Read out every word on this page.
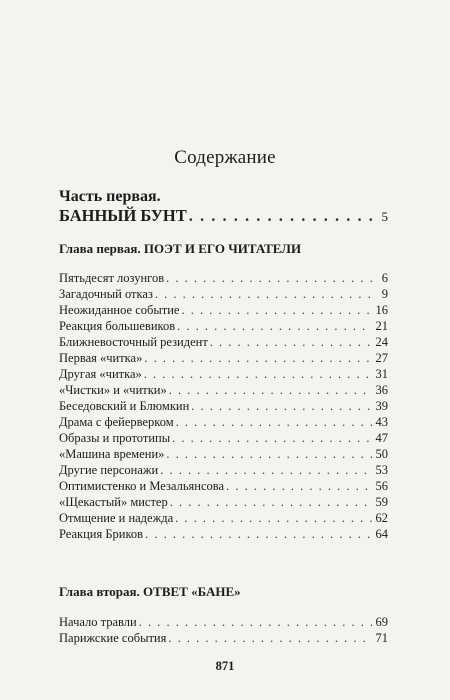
Содержание
Часть первая.
БАННЫЙ БУНТ . . .	5
Глава первая. ПОЭТ И ЕГО ЧИТАТЕЛИ
Пятьдесят лозунгов . . .	6
Загадочный отказ . . .	9
Неожиданное событие . . .	16
Реакция большевиков . . .	21
Ближневосточный резидент . . .	24
Первая «читка» . . .	27
Другая «читка» . . .	31
«Чистки» и «читки» . . .	36
Беседовский и Блюмкин . . .	39
Драма с фейерверком . . .	43
Образы и прототипы . . .	47
«Машина времени» . . .	50
Другие персонажи . . .	53
Оптимистенко и Мезальянсова . . .	56
«Щекастый» мистер . . .	59
Отмщение и надежда . . .	62
Реакция Бриков . . .	64
Глава вторая. ОТВЕТ «БАНЕ»
Начало травли . . .	69
Парижские события . . .	71
871
